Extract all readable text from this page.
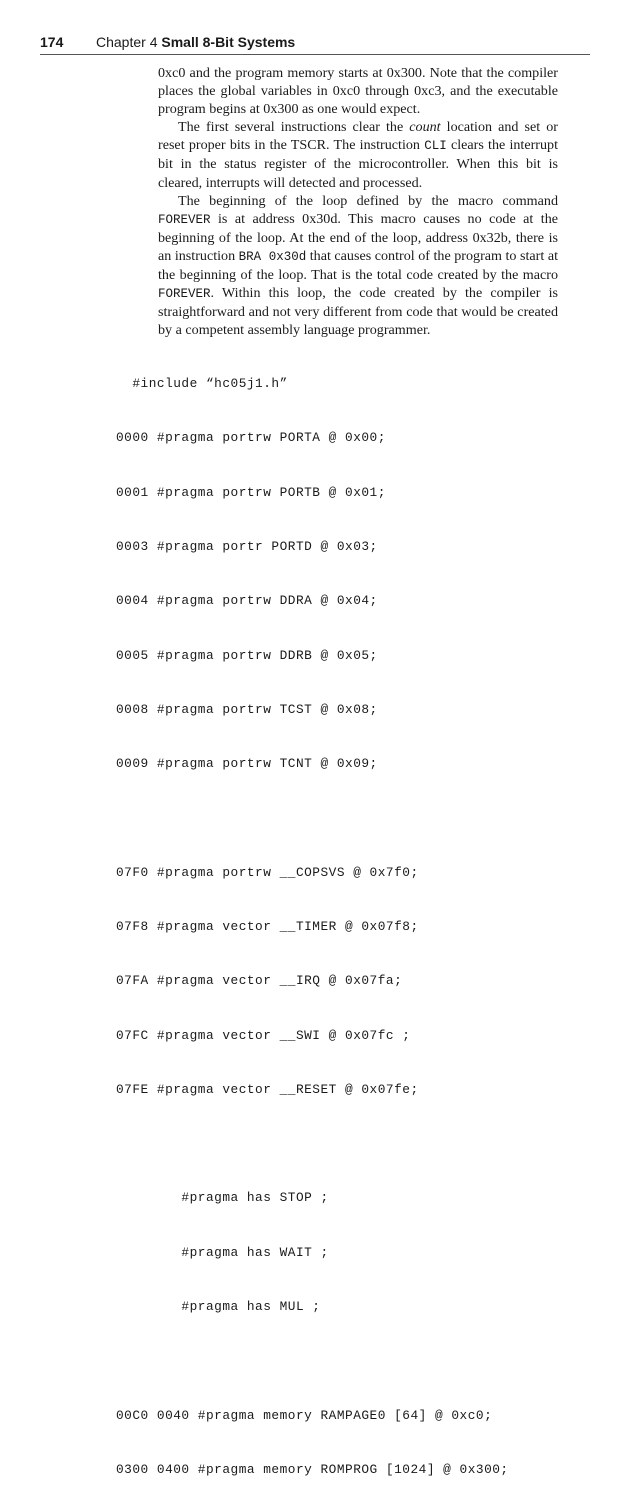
174 Chapter 4 Small 8-Bit Systems

0xc0 and the program memory starts at 0x300. Note that the compiler places the global variables in 0xc0 through 0xc3, and the executable program begins at 0x300 as one would expect.

The first several instructions clear the count location and set or reset proper bits in the TSCR. The instruction CLI clears the interrupt bit in the status register of the microcontroller. When this bit is cleared, interrupts will detected and processed.

The beginning of the loop defined by the macro command FOREVER is at address 0x30d. This macro causes no code at the beginning of the loop. At the end of the loop, address 0x32b, there is an instruction BRA 0x30d that causes control of the program to start at the beginning of the loop. That is the total code created by the macro FOREVER. Within this loop, the code created by the compiler is straightforward and not very different from code that would be created by a competent assembly language programmer.

#include “hc05j1.h”

0000 #pragma portrw PORTA @ 0x00;

0001 #pragma portrw PORTB @ 0x01;

0003 #pragma portr PORTD @ 0x03;

0004 #pragma portrw DDRA @ 0x04;

0005 #pragma portrw DDRB @ 0x05;

0008 #pragma portrw TCST @ 0x08;

0009 #pragma portrw TCNT @ 0x09;

07F0 #pragma portrw __COPSVS @ 0x7f0;

07F8 #pragma vector __TIMER @ 0x07f8;

07FA #pragma vector __IRQ @ 0x07fa;

07FC #pragma vector __SWI @ 0x07fc ;

07FE #pragma vector __RESET @ 0x07fe;

#pragma has STOP ;

#pragma has WAIT ;

#pragma has MUL ;

00C0 0040 #pragma memory RAMPAGE0 [64] @ 0xc0;

0300 0400 #pragma memory ROMPROG [1024] @ 0x300;
